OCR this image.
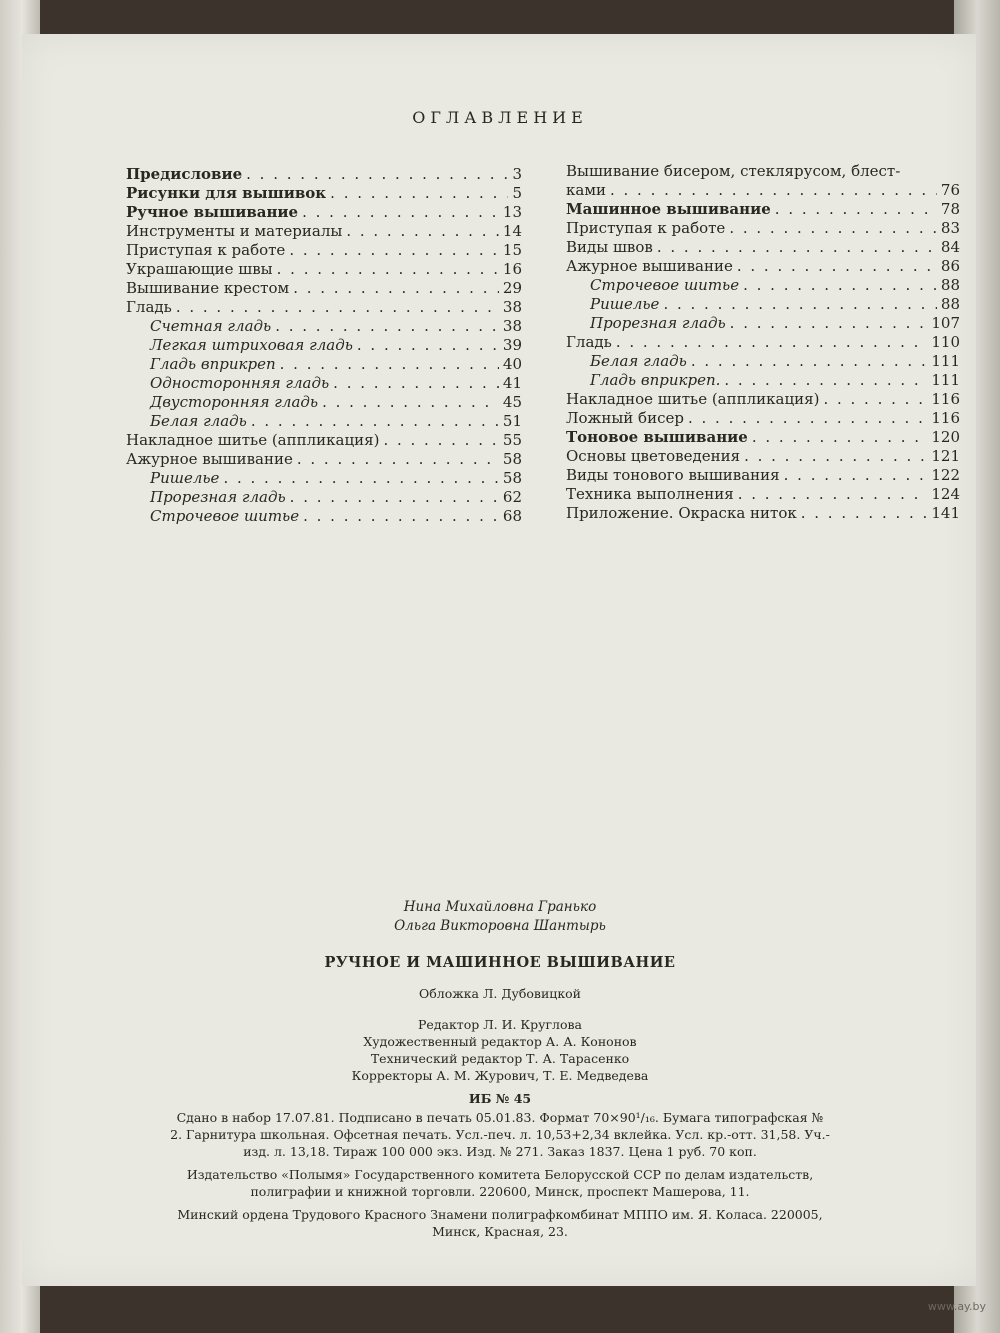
ОГЛАВЛЕНИЕ
Предисловие . . .	3
Рисунки для вышивок . . .	5
Ручное вышивание . . .	13
Инструменты и материалы . . .	14
Приступая к работе . . .	15
Украшающие швы . . .	16
Вышивание крестом . . .	29
Гладь . . .	38
Счетная гладь . . .	38
Легкая штриховая гладь . . .	39
Гладь вприкреп . . .	40
Односторонняя гладь . . .	41
Двусторонняя гладь . . .	45
Белая гладь . . .	51
Накладное шитье (аппликация) . . .	55
Ажурное вышивание . . .	58
Ришелье . . .	58
Прорезная гладь . . .	62
Строчевое шитье . . .	68
Вышивание бисером, стеклярусом, блест-
ками . . .	76
Машинное вышивание . . .	78
Приступая к работе . . .	83
Виды швов . . .	84
Ажурное вышивание . . .	86
Строчевое шитье . . .	88
Ришелье . . .	88
Прорезная гладь . . .	107
Гладь . . .	110
Белая гладь . . .	111
Гладь вприкреп. . . .	111
Накладное шитье (аппликация) . . .	116
Ложный бисер . . .	116
Тоновое вышивание . . .	120
Основы цветоведения . . .	121
Виды тонового вышивания . . .	122
Техника выполнения . . .	124
Приложение. Окраска ниток . . .	141
Нина Михайловна Гранько
Ольга Викторовна Шантырь
РУЧНОЕ И МАШИННОЕ ВЫШИВАНИЕ
Обложка Л. Дубовицкой
Редактор Л. И. Круглова
Художественный редактор А. А. Кононов
Технический редактор Т. А. Тарасенко
Корректоры А. М. Журович, Т. Е. Медведева
ИБ № 45
Сдано в набор 17.07.81. Подписано в печать 05.01.83. Формат 70×90¹/₁₆. Бумага типографская № 2. Гарнитура школьная. Офсетная печать. Усл.-печ. л. 10,53+2,34 вклейка. Усл. кр.-отт. 31,58. Уч.-изд. л. 13,18. Тираж 100 000 экз. Изд. № 271. Заказ 1837. Цена 1 руб. 70 коп.
Издательство «Полымя» Государственного комитета Белорусской ССР по делам издательств, полиграфии и книжной торговли. 220600, Минск, проспект Машерова, 11.
Минский ордена Трудового Красного Знамени полиграфкомбинат МППО им. Я. Коласа. 220005, Минск, Красная, 23.
www.ay.by
